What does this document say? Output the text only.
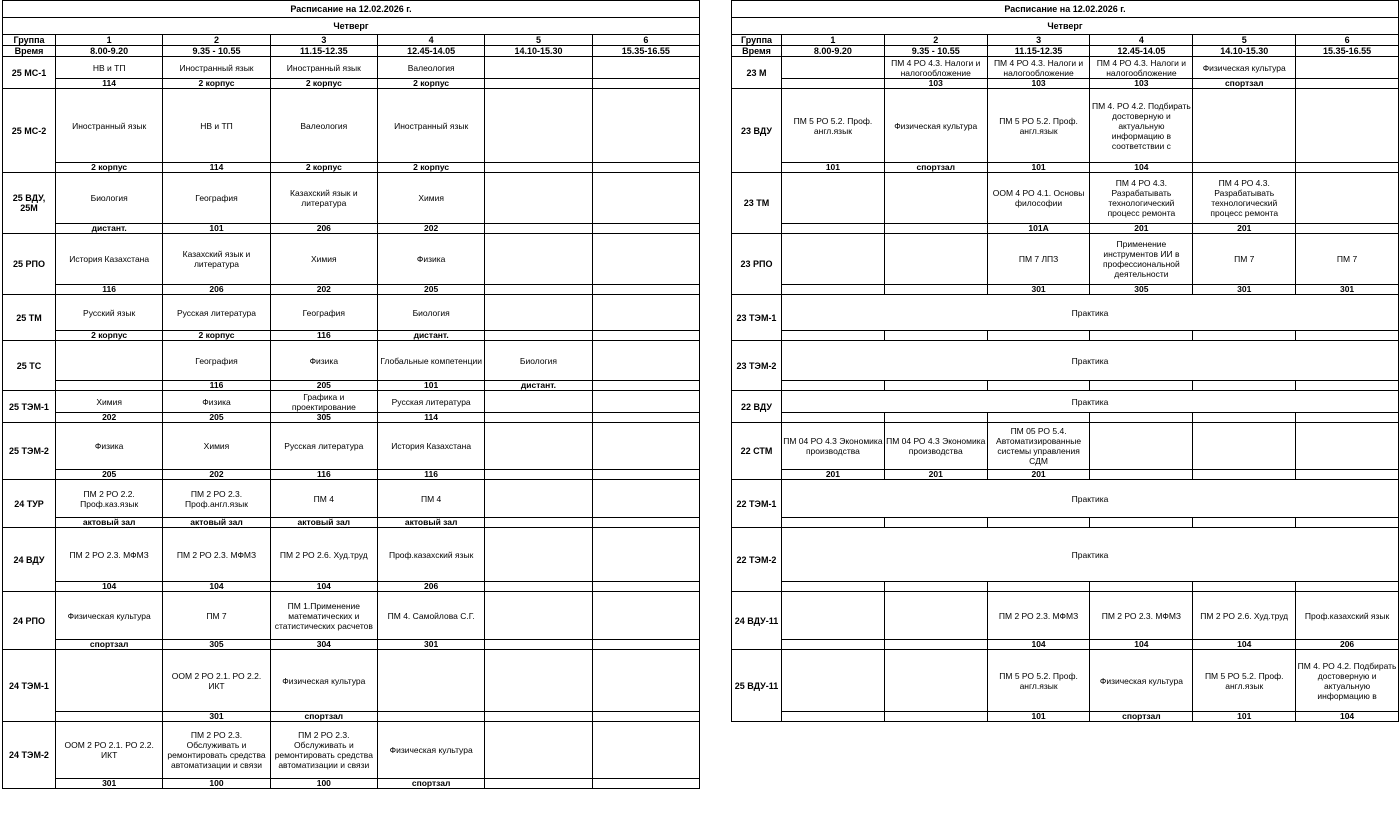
Расписание на 12.02.2026 г.						
Четверг						
Группа	1	2	3	4	5	6
Время	8.00-9.20	9.35 - 10.55	11.15-12.35	12.45-14.05	14.10-15.30	15.35-16.55
25 МС-1	НВ и ТП	Иностранный язык	Иностранный язык	Валеология		
	114	2 корпус	2 корпус	2 корпус		
25 МС-2	Иностранный язык	НВ и ТП	Валеология	Иностранный язык		
	2 корпус	114	2 корпус	2 корпус		
25 ВДУ, 25М	Биология	География	Казахский язык и литература	Химия		
	дистант.	101	206	202		
25 РПО	История Казахстана	Казахский язык и литература	Химия	Физика		
	116	206	202	205		
25 ТМ	Русский язык	Русская литература	География	Биология		
	2 корпус	2 корпус	116	дистант.		
25 ТС		География	Физика	Глобальные компетенции	Биология	
		116	205	101	дистант.	
25 ТЭМ-1	Химия	Физика	Графика и проектирование	Русская литература		
	202	205	305	114		
25 ТЭМ-2	Физика	Химия	Русская литература	История Казахстана		
	205	202	116	116		
24 ТУР	ПМ 2 РО 2.2. Проф.каз.язык	ПМ 2 РО 2.3. Проф.англ.язык	ПМ 4	ПМ 4		
	актовый зал	актовый зал	актовый зал	актовый зал		
24 ВДУ	ПМ 2 РО 2.3. МФМЗ	ПМ 2 РО 2.3. МФМЗ	ПМ 2 РО 2.6. Худ.труд	Проф.казахский язык		
	104	104	104	206		
24 РПО	Физическая культура	ПМ 7	ПМ 1.Применение математических и статистических расчетов	ПМ 4. Самойлова С.Г.		
	спортзал	305	304	301		
24 ТЭМ-1		ООМ 2 РО 2.1. РО 2.2. ИКТ	Физическая культура			
		301	спортзал			
24 ТЭМ-2	ООМ 2 РО 2.1. РО 2.2. ИКТ	ПМ 2 РО 2.3. Обслуживать и ремонтировать средства автоматизации и связи	ПМ 2 РО 2.3. Обслуживать и ремонтировать средства автоматизации и связи	Физическая культура		
	301	100	100	спортзал		
Расписание на 12.02.2026 г.						
Четверг						
Группа	1	2	3	4	5	6
Время	8.00-9.20	9.35 - 10.55	11.15-12.35	12.45-14.05	14.10-15.30	15.35-16.55
23 М		ПМ 4 РО 4.3. Налоги и налогообложение	ПМ 4 РО 4.3. Налоги и налогообложение	ПМ 4 РО 4.3. Налоги и налогообложение	Физическая культура	
		103	103	103	спортзал	
23 ВДУ	ПМ 5 РО 5.2. Проф. англ.язык	Физическая культура	ПМ 5 РО 5.2. Проф. англ.язык	ПМ 4. РО 4.2. Подбирать достоверную и актуальную информацию в соответствии с		
	101	спортзал	101	104		
23 ТМ			ООМ 4 РО 4.1. Основы философии	ПМ 4 РО 4.3. Разрабатывать технологический процесс ремонта	ПМ 4 РО 4.3. Разрабатывать технологический процесс ремонта	
			101А	201	201	
23 РПО			ПМ 7 ЛПЗ	Применение инструментов ИИ в профессиональной деятельности	ПМ 7	ПМ 7
			301	305	301	301
23 ТЭМ-1	Практика					

23 ТЭМ-2	Практика					

22 ВДУ	Практика					

22 СТМ	ПМ 04 РО 4.3 Экономика производства	ПМ 04 РО 4.3 Экономика производства	ПМ 05 РО 5.4. Автоматизированные системы управления СДМ			
	201	201	201			
22 ТЭМ-1	Практика					

22 ТЭМ-2	Практика					

24 ВДУ-11			ПМ 2 РО 2.3. МФМЗ	ПМ 2 РО 2.3. МФМЗ	ПМ 2 РО 2.6. Худ.труд	Проф.казахский язык
			104	104	104	206
25 ВДУ-11			ПМ 5 РО 5.2. Проф. англ.язык	Физическая культура	ПМ 5 РО 5.2. Проф. англ.язык	ПМ 4. РО 4.2. Подбирать достоверную и актуальную информацию в
			101	спортзал	101	104
